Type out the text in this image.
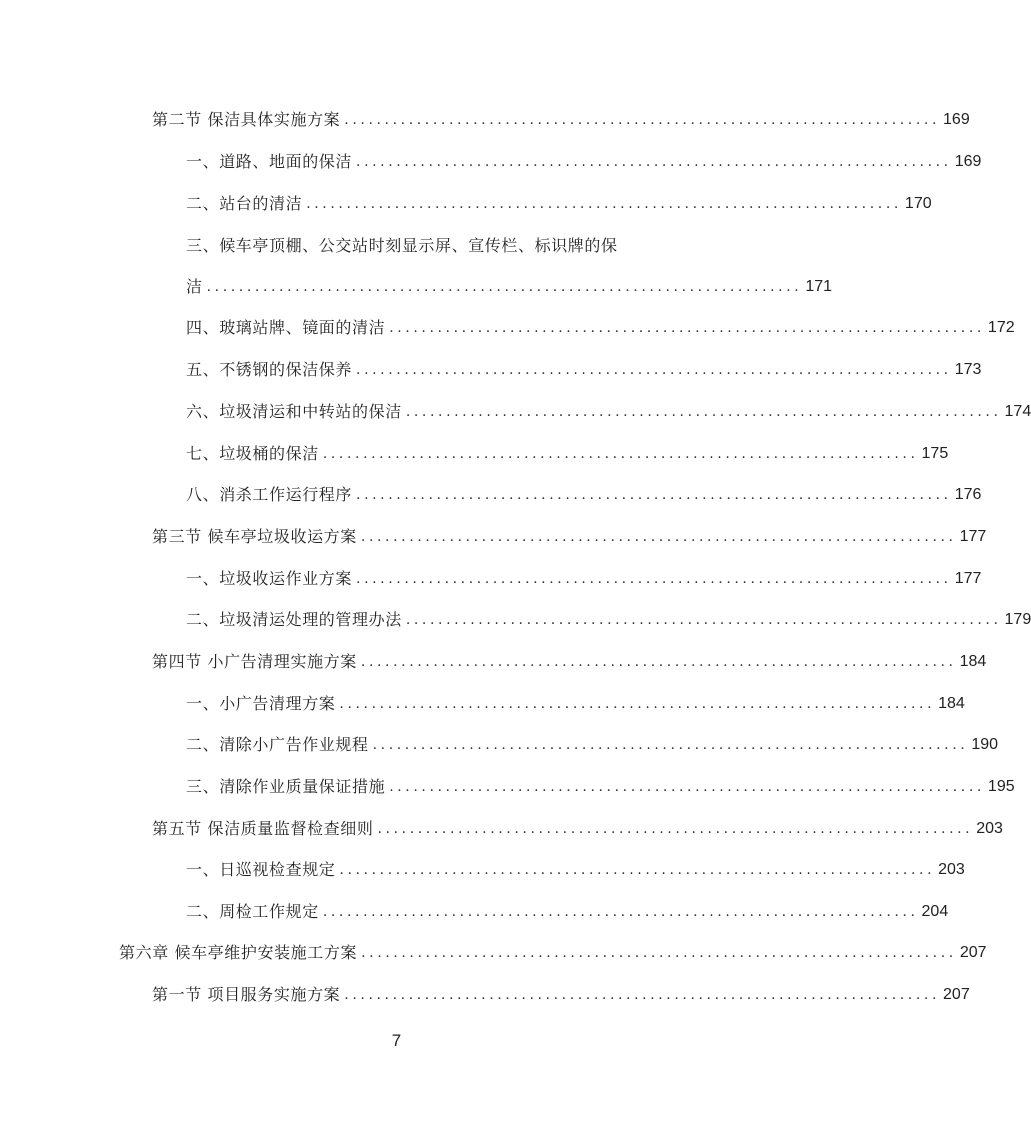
第二节 保洁具体实施方案 .......................................................................... 169
一、道路、地面的保洁 .......................................................................... 169
二、站台的清洁 .......................................................................... 170
三、候车亭顶棚、公交站时刻显示屏、宣传栏、标识牌的保
洁 .......................................................................... 171
四、玻璃站牌、镜面的清洁 .......................................................................... 172
五、不锈钢的保洁保养 .......................................................................... 173
六、垃圾清运和中转站的保洁 .......................................................................... 174
七、垃圾桶的保洁 .......................................................................... 175
八、消杀工作运行程序 .......................................................................... 176
第三节 候车亭垃圾收运方案 .......................................................................... 177
一、垃圾收运作业方案 .......................................................................... 177
二、垃圾清运处理的管理办法 .......................................................................... 179
第四节 小广告清理实施方案 .......................................................................... 184
一、小广告清理方案 .......................................................................... 184
二、清除小广告作业规程 .......................................................................... 190
三、清除作业质量保证措施 .......................................................................... 195
第五节 保洁质量监督检查细则 .......................................................................... 203
一、日巡视检查规定 .......................................................................... 203
二、周检工作规定 .......................................................................... 204
第六章 候车亭维护安装施工方案 .......................................................................... 207
第一节 项目服务实施方案 .......................................................................... 207
7
